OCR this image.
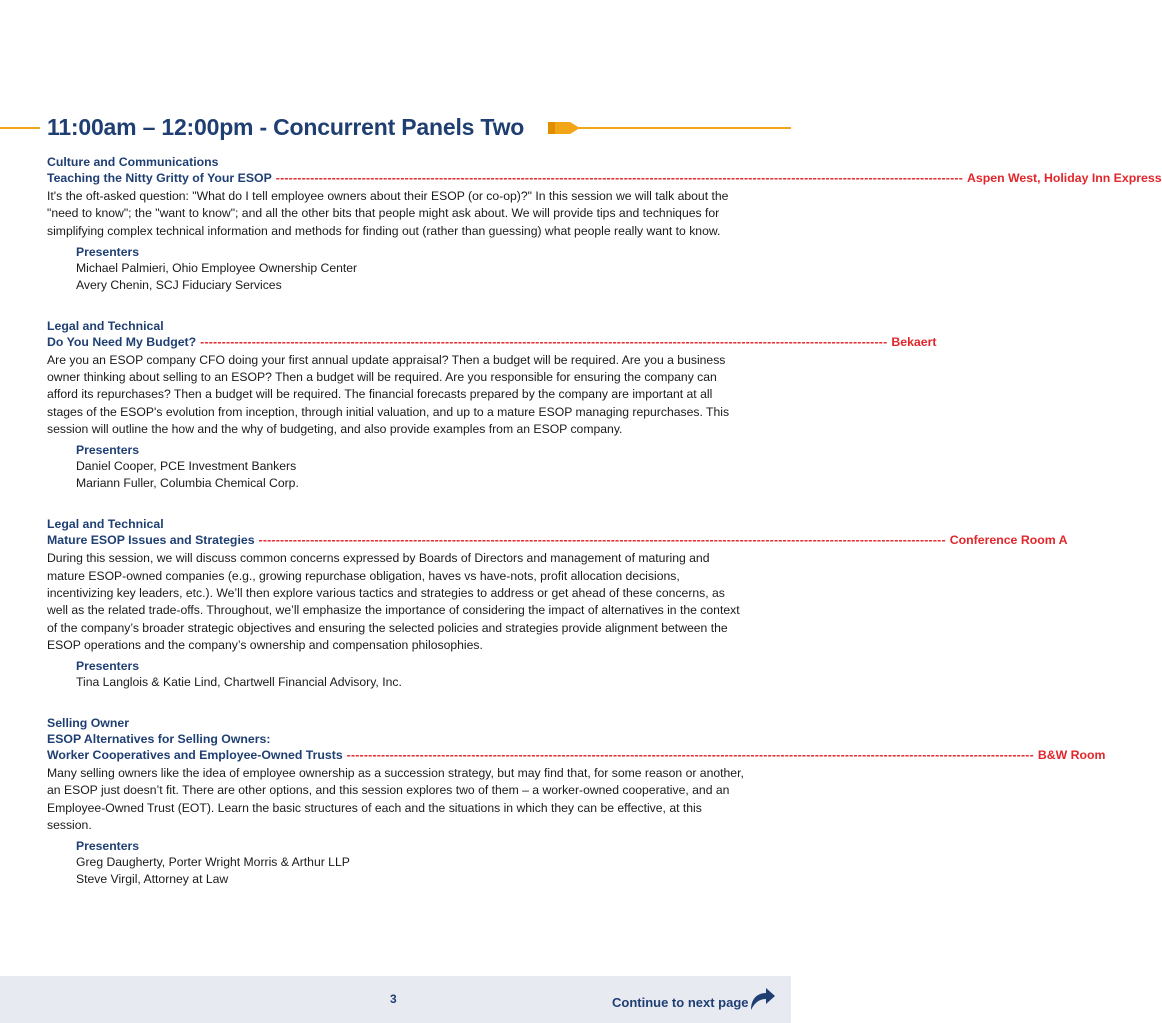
11:00am – 12:00pm - Concurrent Panels Two
Culture and Communications
Teaching the Nitty Gritty of Your ESOP ---------------------------------------------------------------------------------------------------------------------------------------------------------------- Aspen West, Holiday Inn Express
It's the oft-asked question: "What do I tell employee owners about their ESOP (or co-op)?" In this session we will talk about the "need to know"; the "want to know"; and all the other bits that people might ask about. We will provide tips and techniques for simplifying complex technical information and methods for finding out (rather than guessing) what people really want to know.
Presenters
Michael Palmieri, Ohio Employee Ownership Center
Avery Chenin, SCJ Fiduciary Services
Legal and Technical
Do You Need My Budget? ---------------------------------------------------------------------------------------------------------------------------------------------------------------- Bekaert
Are you an ESOP company CFO doing your first annual update appraisal? Then a budget will be required. Are you a business owner thinking about selling to an ESOP? Then a budget will be required. Are you responsible for ensuring the company can afford its repurchases? Then a budget will be required. The financial forecasts prepared by the company are important at all stages of the ESOP's evolution from inception, through initial valuation, and up to a mature ESOP managing repurchases. This session will outline the how and the why of budgeting, and also provide examples from an ESOP company.
Presenters
Daniel Cooper, PCE Investment Bankers
Mariann Fuller, Columbia Chemical Corp.
Legal and Technical
Mature ESOP Issues and Strategies ---------------------------------------------------------------------------------------------------------------------------------------------------------------- Conference Room A
During this session, we will discuss common concerns expressed by Boards of Directors and management of maturing and mature ESOP-owned companies (e.g., growing repurchase obligation, haves vs have-nots, profit allocation decisions, incentivizing key leaders, etc.). We’ll then explore various tactics and strategies to address or get ahead of these concerns, as well as the related trade-offs. Throughout, we’ll emphasize the importance of considering the impact of alternatives in the context of the company’s broader strategic objectives and ensuring the selected policies and strategies provide alignment between the ESOP operations and the company’s ownership and compensation philosophies.
Presenters
Tina Langlois & Katie Lind, Chartwell Financial Advisory, Inc.
Selling Owner
ESOP Alternatives for Selling Owners:
Worker Cooperatives and Employee-Owned Trusts ---------------------------------------------------------------------------------------------------------------------------------------------------------------- B&W Room
Many selling owners like the idea of employee ownership as a succession strategy, but may find that, for some reason or another, an ESOP just doesn’t fit. There are other options, and this session explores two of them – a worker-owned cooperative, and an Employee-Owned Trust (EOT). Learn the basic structures of each and the situations in which they can be effective, at this session.
Presenters
Greg Daugherty, Porter Wright Morris & Arthur LLP
Steve Virgil, Attorney at Law
3	Continue to next page
